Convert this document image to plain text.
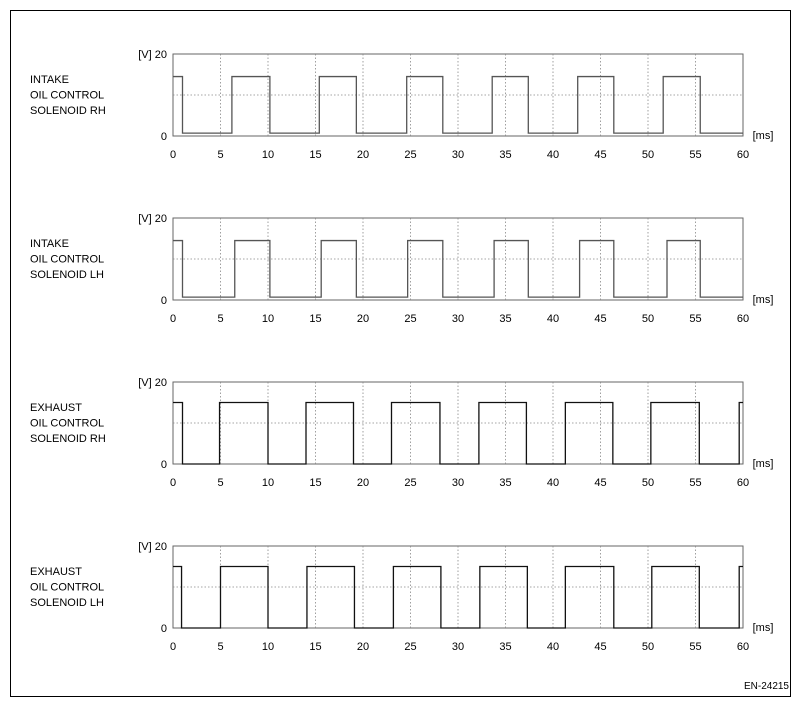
[V] 20
0
0	5	10	15	20	25	30	35	40	45	50	55	60
[ms]
INTAKE OIL CONTROL SOLENOID RH
[V] 20
0
0	5	10	15	20	25	30	35	40	45	50	55	60
[ms]
INTAKE OIL CONTROL SOLENOID LH
[V] 20
0
0	5	10	15	20	25	30	35	40	45	50	55	60
[ms]
EXHAUST OIL CONTROL SOLENOID RH
[V] 20
0
0	5	10	15	20	25	30	35	40	45	50	55	60
[ms]
EXHAUST OIL CONTROL SOLENOID LH
EN-24215
